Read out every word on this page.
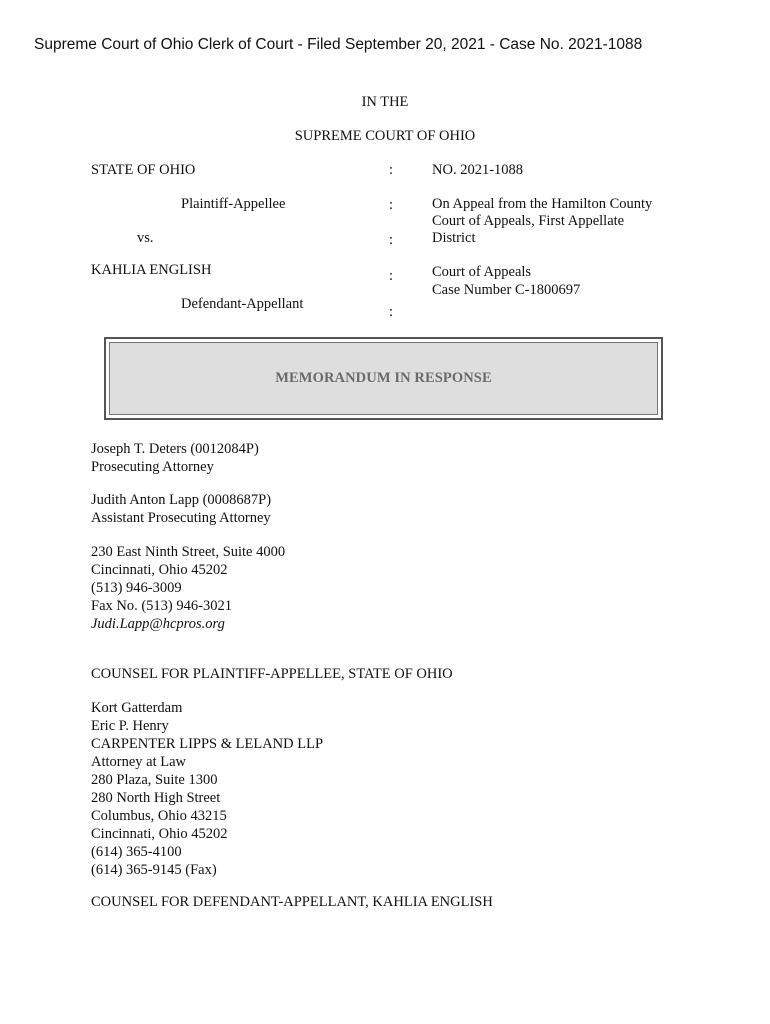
Supreme Court of Ohio Clerk of Court - Filed September 20, 2021 - Case No. 2021-1088
IN THE
SUPREME COURT OF OHIO
STATE OF OHIO
Plaintiff-Appellee
vs.
KAHLIA ENGLISH
Defendant-Appellant
:
:
:
:
:
NO. 2021-1088
On Appeal from the Hamilton County
Court of Appeals, First Appellate
District
Court of Appeals
Case Number C-1800697
MEMORANDUM IN RESPONSE
Joseph T. Deters (0012084P)
Prosecuting Attorney
Judith Anton Lapp (0008687P)
Assistant Prosecuting Attorney
230 East Ninth Street, Suite 4000
Cincinnati, Ohio 45202
(513) 946-3009
Fax No. (513) 946-3021
Judi.Lapp@hcpros.org
COUNSEL FOR PLAINTIFF-APPELLEE, STATE OF OHIO
Kort Gatterdam
Eric P. Henry
CARPENTER LIPPS & LELAND LLP
Attorney at Law
280 Plaza, Suite 1300
280 North High Street
Columbus, Ohio 43215
Cincinnati, Ohio 45202
(614) 365-4100
(614) 365-9145 (Fax)
COUNSEL FOR DEFENDANT-APPELLANT, KAHLIA ENGLISH
